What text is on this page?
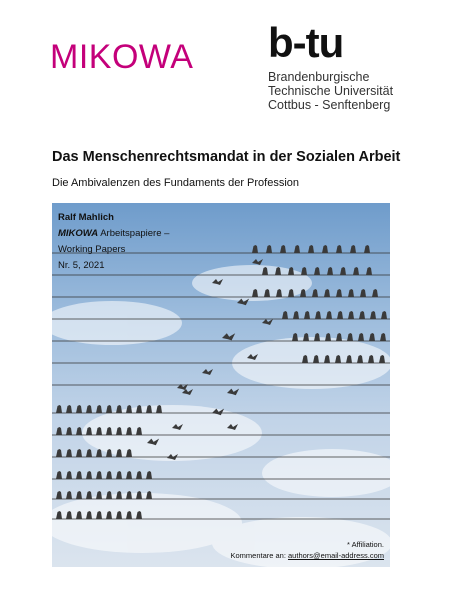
MIKOWA b-tu
Brandenburgische
Technische Universität
Cottbus - Senftenberg
Das Menschenrechtsmandat in der Sozialen Arbeit
Die Ambivalenzen des Fundaments der Profession
Ralf Mahlich
MIKOWA Arbeitspapiere –
Working Papers
Nr. 5, 2021
* Affiliation.
Kommentare an: authors@email-address.com
